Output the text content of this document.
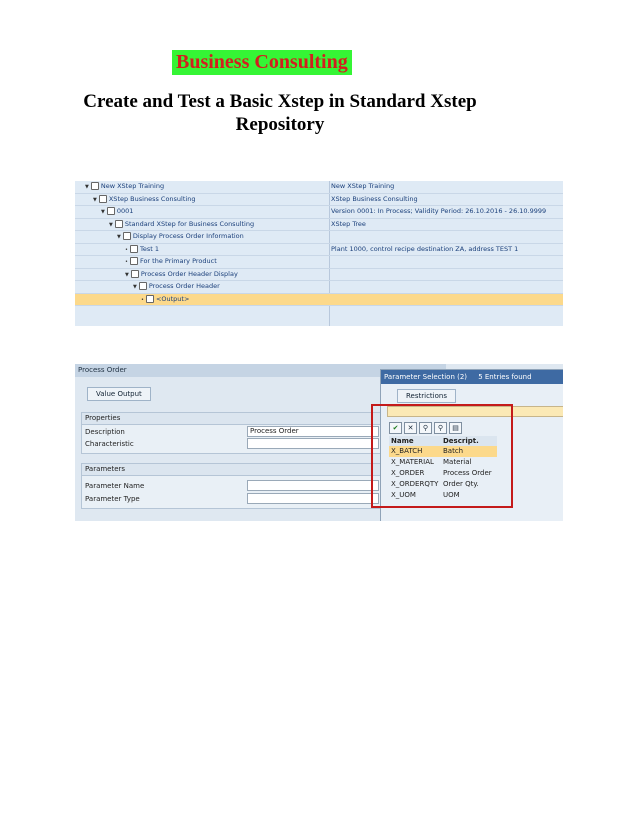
Business Consulting
Create and Test a Basic Xstep in Standard Xstep Repository
▼ New XStep Training	New XStep Training
▼ XStep Business Consulting	XStep Business Consulting
▼ 0001	Version 0001: In Process; Validity Period: 26.10.2016 - 26.10.9999
▼ Standard XStep for Business Consulting	XStep Tree
▼ Display Process Order Information
• Test 1	Plant 1000, control recipe destination ZA, address TEST 1
• For the Primary Product
▼ Process Order Header Display
▼ Process Order Header
• <Output>
Process Order
Value Output
Properties
Description	Process Order
Characteristic
Parameters
Parameter Name
Parameter Type
Parameter Selection (2) 5 Entries found
Restrictions
✔ ✕ ⚲ ⚲ ▤
Name	Descript.
X_BATCH	Batch
X_MATERIAL Material
X_ORDER	Process Order
X_ORDERQTY Order Qty.
X_UOM	UOM
